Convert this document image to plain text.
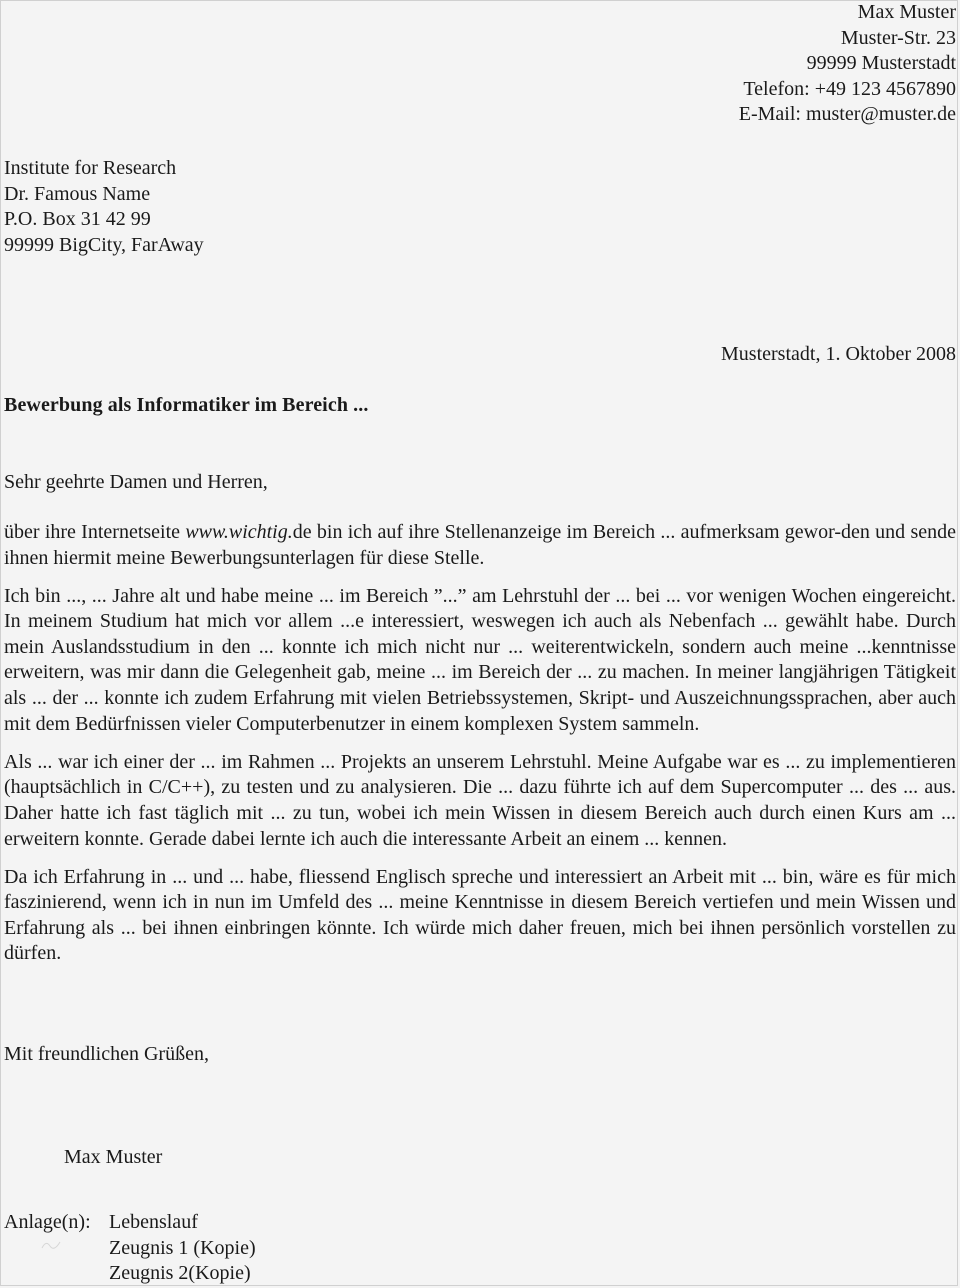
Max Muster
Muster-Str. 23
99999 Musterstadt
Telefon: +49 123 4567890
E-Mail: muster@muster.de
Institute for Research
Dr. Famous Name
P.O. Box 31 42 99
99999 BigCity, FarAway
Musterstadt, 1. Oktober 2008
Bewerbung als Informatiker im Bereich ...
Sehr geehrte Damen und Herren,

über ihre Internetseite www.wichtig.de bin ich auf ihre Stellenanzeige im Bereich ... aufmerksam gewor-den und sende ihnen hiermit meine Bewerbungsunterlagen für diese Stelle.

Ich bin ..., ... Jahre alt und habe meine ... im Bereich ”...” am Lehrstuhl der ... bei ... vor wenigen Wochen eingereicht. In meinem Studium hat mich vor allem ...e interessiert, weswegen ich auch als Nebenfach ... gewählt habe. Durch mein Auslandsstudium in den ... konnte ich mich nicht nur ... weiterentwickeln, sondern auch meine ...kenntnisse erweitern, was mir dann die Gelegenheit gab, meine ... im Bereich der ... zu machen. In meiner langjährigen Tätigkeit als ... der ... konnte ich zudem Erfahrung mit vielen Betriebssystemen, Skript- und Auszeichnungssprachen, aber auch mit dem Bedürfnissen vieler Computerbenutzer in einem komplexen System sammeln.

Als ... war ich einer der ... im Rahmen ... Projekts an unserem Lehrstuhl. Meine Aufgabe war es ... zu implementieren (hauptsächlich in C/C++), zu testen und zu analysieren. Die ... dazu führte ich auf dem Supercomputer ... des ... aus. Daher hatte ich fast täglich mit ... zu tun, wobei ich mein Wissen in diesem Bereich auch durch einen Kurs am ... erweitern konnte. Gerade dabei lernte ich auch die interessante Arbeit an einem ... kennen.

Da ich Erfahrung in ... und ... habe, fliessend Englisch spreche und interessiert an Arbeit mit ... bin, wäre es für mich faszinierend, wenn ich in nun im Umfeld des ... meine Kenntnisse in diesem Bereich vertiefen und mein Wissen und Erfahrung als ... bei ihnen einbringen könnte. Ich würde mich daher freuen, mich bei ihnen persönlich vorstellen zu dürfen.

Mit freundlichen Grüßen,
Max Muster
Anlage(n): Lebenslauf
Zeugnis 1 (Kopie)
Zeugnis 2(Kopie)
